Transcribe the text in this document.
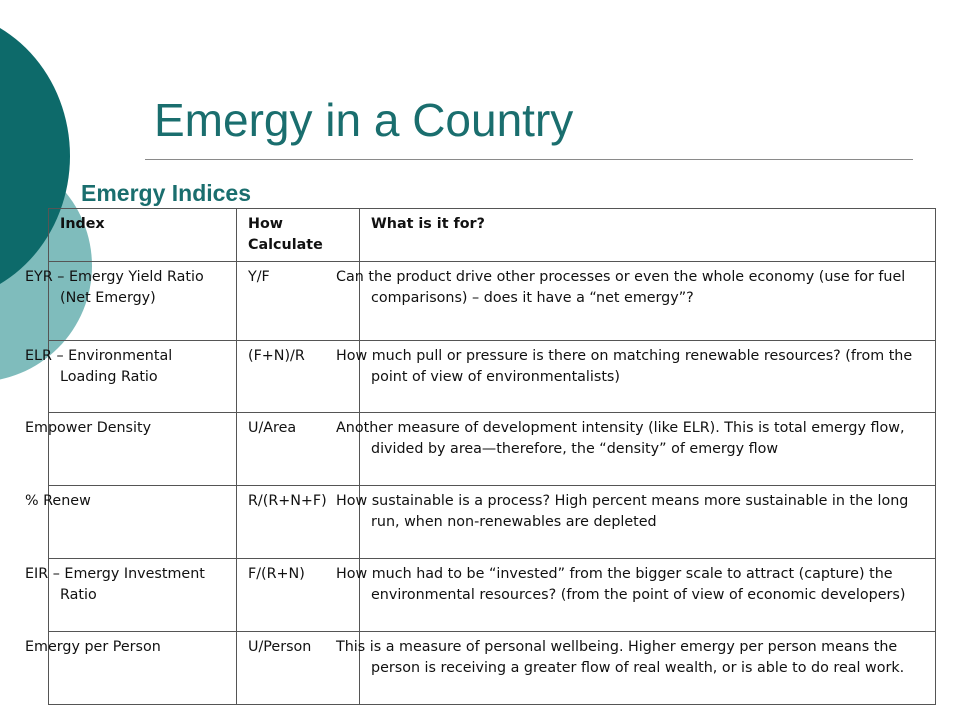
Emergy in a Country
Emergy Indices
Index	How Calculate	What is it for?
EYR – Emergy Yield Ratio (Net Emergy)	Y/F	Can the product drive other processes or even the whole economy (use for fuel comparisons) – does it have a “net emergy”?
ELR – Environmental Loading Ratio	(F+N)/R	How much pull or pressure is there on matching renewable resources? (from the point of view of environmentalists)
Empower Density	U/Area	Another measure of development intensity (like ELR). This is total emergy flow, divided by area—therefore, the “density” of emergy flow
% Renew	R/(R+N+F)	How sustainable is a process? High percent means more sustainable in the long run, when non-renewables are depleted
EIR – Emergy Investment Ratio	F/(R+N)	How much had to be “invested” from the bigger scale to attract (capture) the environmental resources? (from the point of view of economic developers)
Emergy per Person	U/Person	This is a measure of personal wellbeing. Higher emergy per person means the person is receiving a greater flow of real wealth, or is able to do real work.
